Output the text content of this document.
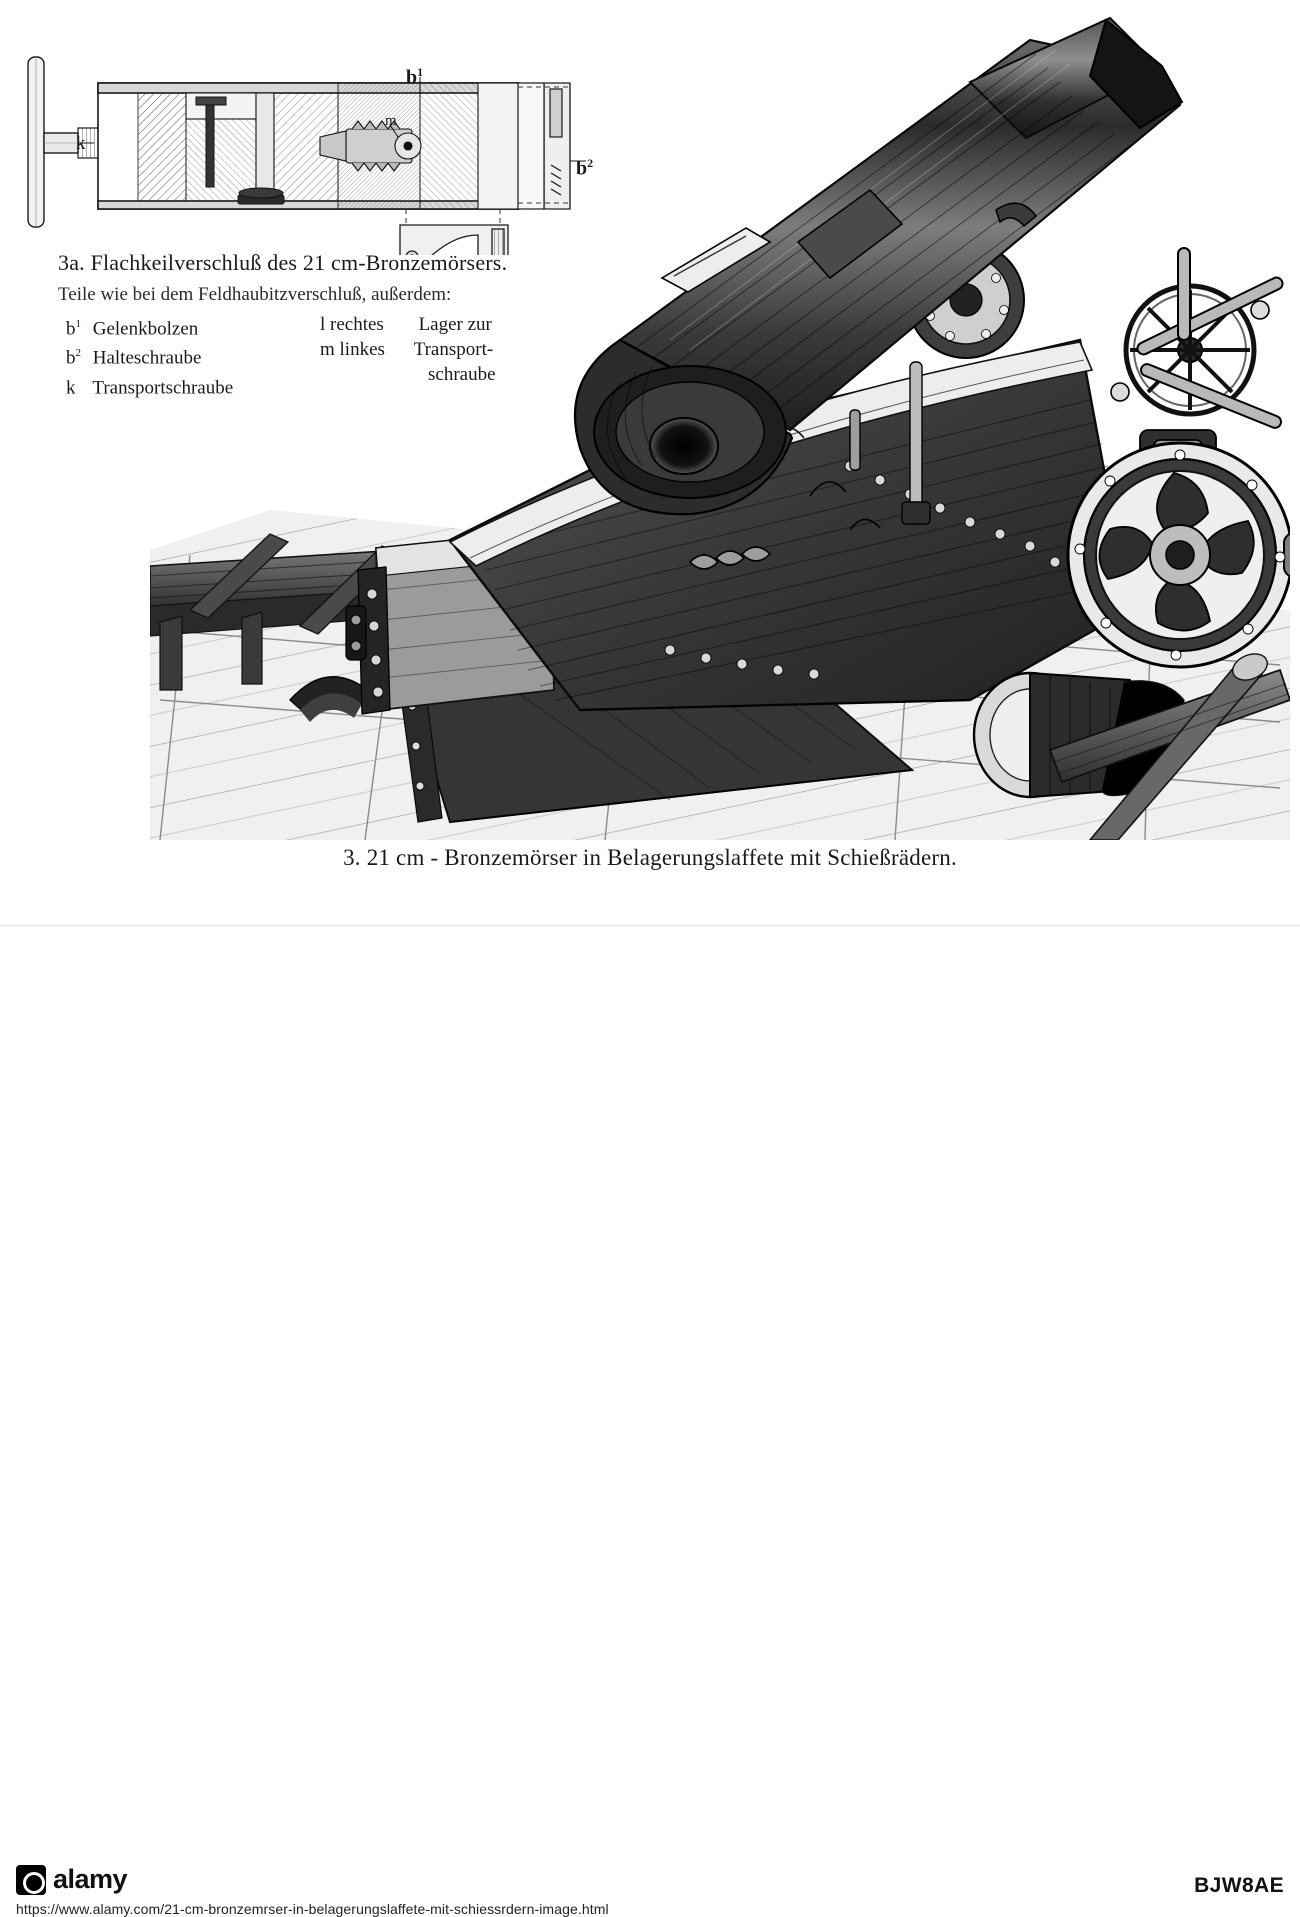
k
$b^1$
$b^2$
m
3a. Flachkeilverschluß des 21 cm-Bronzemörsers.
Teile wie bei dem Feldhaubitzverschluß, außerdem:
$b^1$ Gelenkbolzen
$b^2$ Halteschraube
k Transportschraube
l rechtes Lager zur
m linkes Transport-
schraube
3. 21 cm - Bronzemörser in Belagerungslaffete mit Schießrädern.
alamy
https://www.alamy.com/21-cm-bronzemrser-in-belagerungslaffete-mit-schiessrdern-image.html
BJW8AE
